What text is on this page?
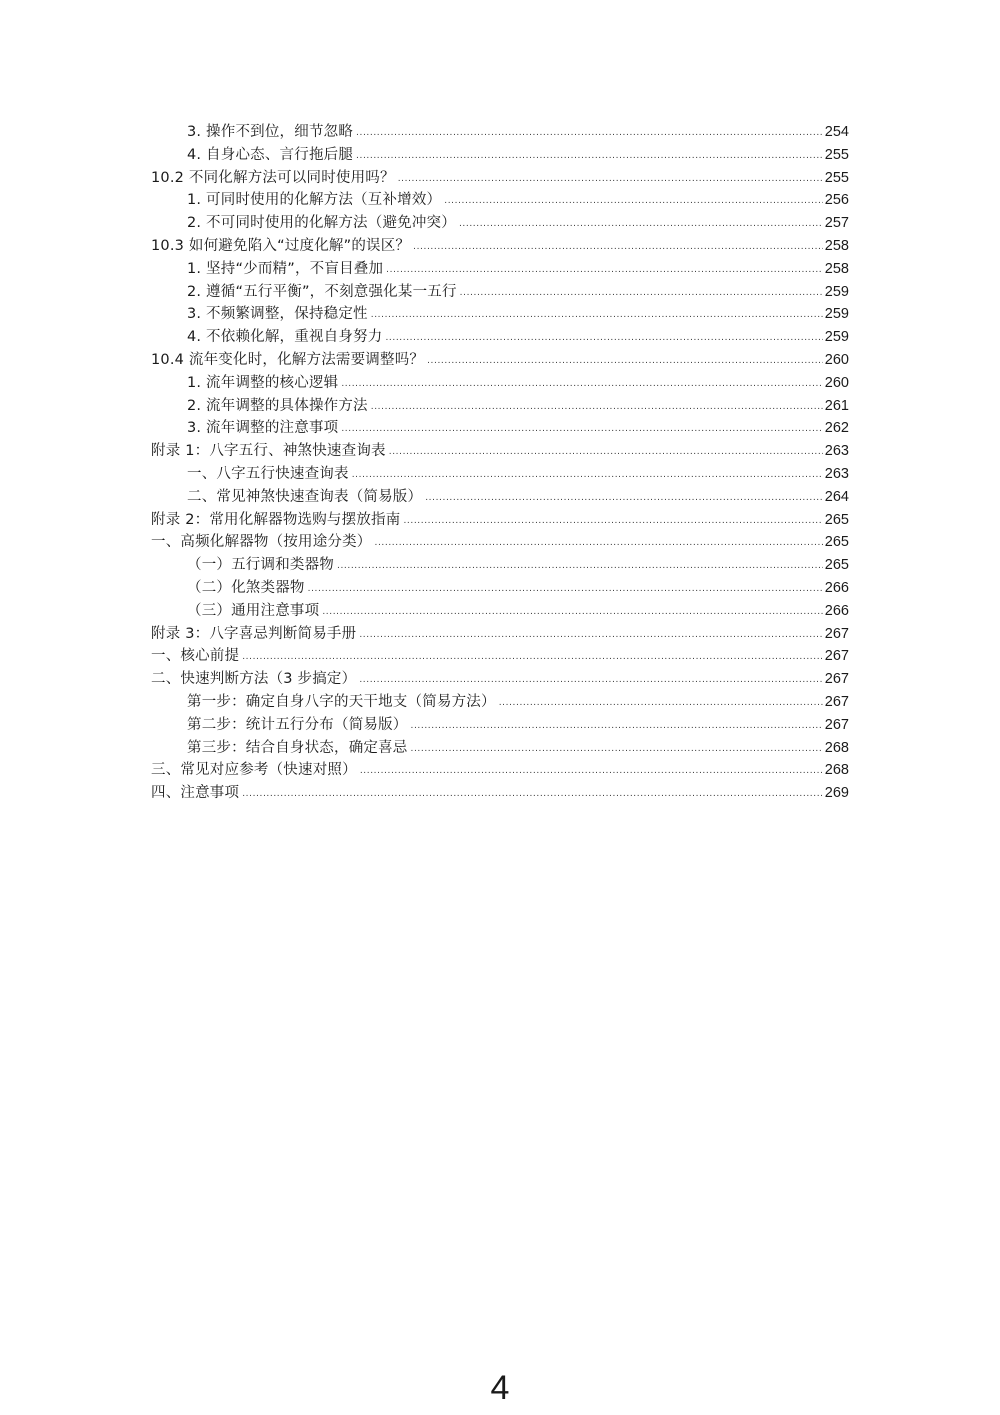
3. 操作不到位，细节忽略 .....	254
4. 自身心态、言行拖后腿 .....	255
10.2 不同化解方法可以同时使用吗？ .....	255
1. 可同时使用的化解方法（互补增效） .....	256
2. 不可同时使用的化解方法（避免冲突） .....	257
10.3 如何避免陷入“过度化解”的误区？ .....	258
1. 坚持“少而精”，不盲目叠加 .....	258
2. 遵循“五行平衡”，不刻意强化某一五行 .....	259
3. 不频繁调整，保持稳定性 .....	259
4. 不依赖化解，重视自身努力 .....	259
10.4 流年变化时，化解方法需要调整吗？ .....	260
1. 流年调整的核心逻辑 .....	260
2. 流年调整的具体操作方法 .....	261
3. 流年调整的注意事项 .....	262
附录 1：八字五行、神煞快速查询表 .....	263
一、八字五行快速查询表 .....	263
二、常见神煞快速查询表（简易版） .....	264
附录 2：常用化解器物选购与摆放指南 .....	265
一、高频化解器物（按用途分类） .....	265
（一）五行调和类器物 .....	265
（二）化煞类器物 .....	266
（三）通用注意事项 .....	266
附录 3：八字喜忌判断简易手册 .....	267
一、核心前提 .....	267
二、快速判断方法（3 步搞定） .....	267
第一步：确定自身八字的天干地支（简易方法） .....	267
第二步：统计五行分布（简易版） .....	267
第三步：结合自身状态，确定喜忌 .....	268
三、常见对应参考（快速对照） .....	268
四、注意事项 .....	269
4
